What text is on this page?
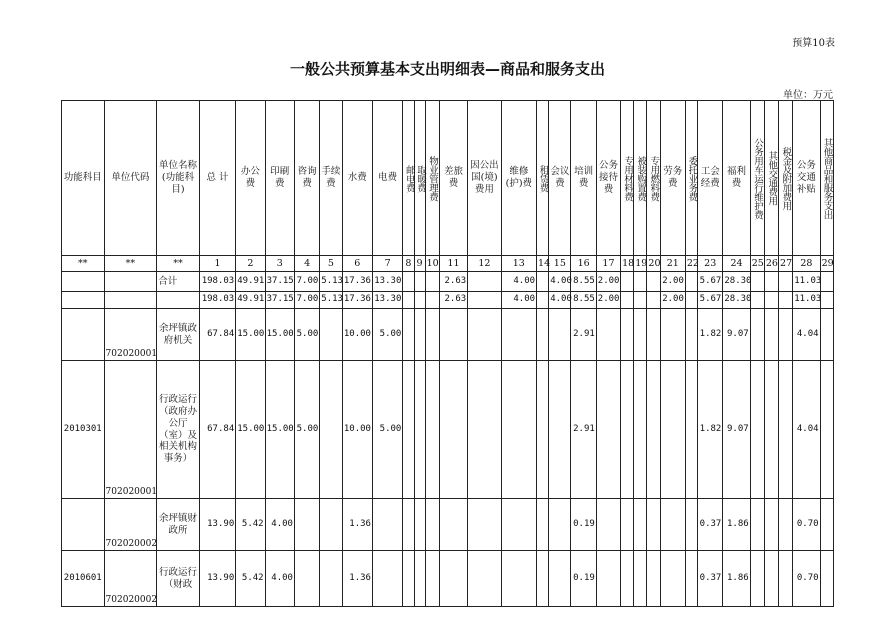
预算10表
一般公共预算基本支出明细表—商品和服务支出
单位：万元
功能科目	单位代码	单位名称(功能科目)	总 计	办公费	印刷费	咨询费	手续费	水费	电费	邮电费	取暖费	物业管理费	差旅费	因公出国(境)费用	维修(护)费	租赁费	会议费	培训费	公务接待费	专用材料费	被装购置费	专用燃料费	劳务费	委托业务费	工会经费	福利费	公务用车运行维护费	其他交通费用	税金及附加费用	公务交通补贴	其他商品和服务支出

**	**	**	1	2	3	4	5	6	7	8	9	10	11	12	13	14	15	16	17	18	19	20	21	22	23	24	25	26	27	28	29
		合计	198.03	49.91	37.15	7.00	5.13	17.36	13.30				2.63		4.00		4.00	8.55	2.00				2.00		5.67	28.30				11.03	
			198.03	49.91	37.15	7.00	5.13	17.36	13.30				2.63		4.00		4.00	8.55	2.00				2.00		5.67	28.30				11.03	
	702020001	余坪镇政府机关	67.84	15.00	15.00	5.00		10.00	5.00									2.91							1.82	9.07				4.04	
2010301	702020001	行政运行（政府办公厅（室）及相关机构事务）	67.84	15.00	15.00	5.00		10.00	5.00									2.91							1.82	9.07				4.04	
	702020002	余坪镇财政所	13.90	5.42	4.00			1.36										0.19							0.37	1.86				0.70	
2010601	702020002	行政运行（财政	13.90	5.42	4.00			1.36										0.19							0.37	1.86				0.70	
